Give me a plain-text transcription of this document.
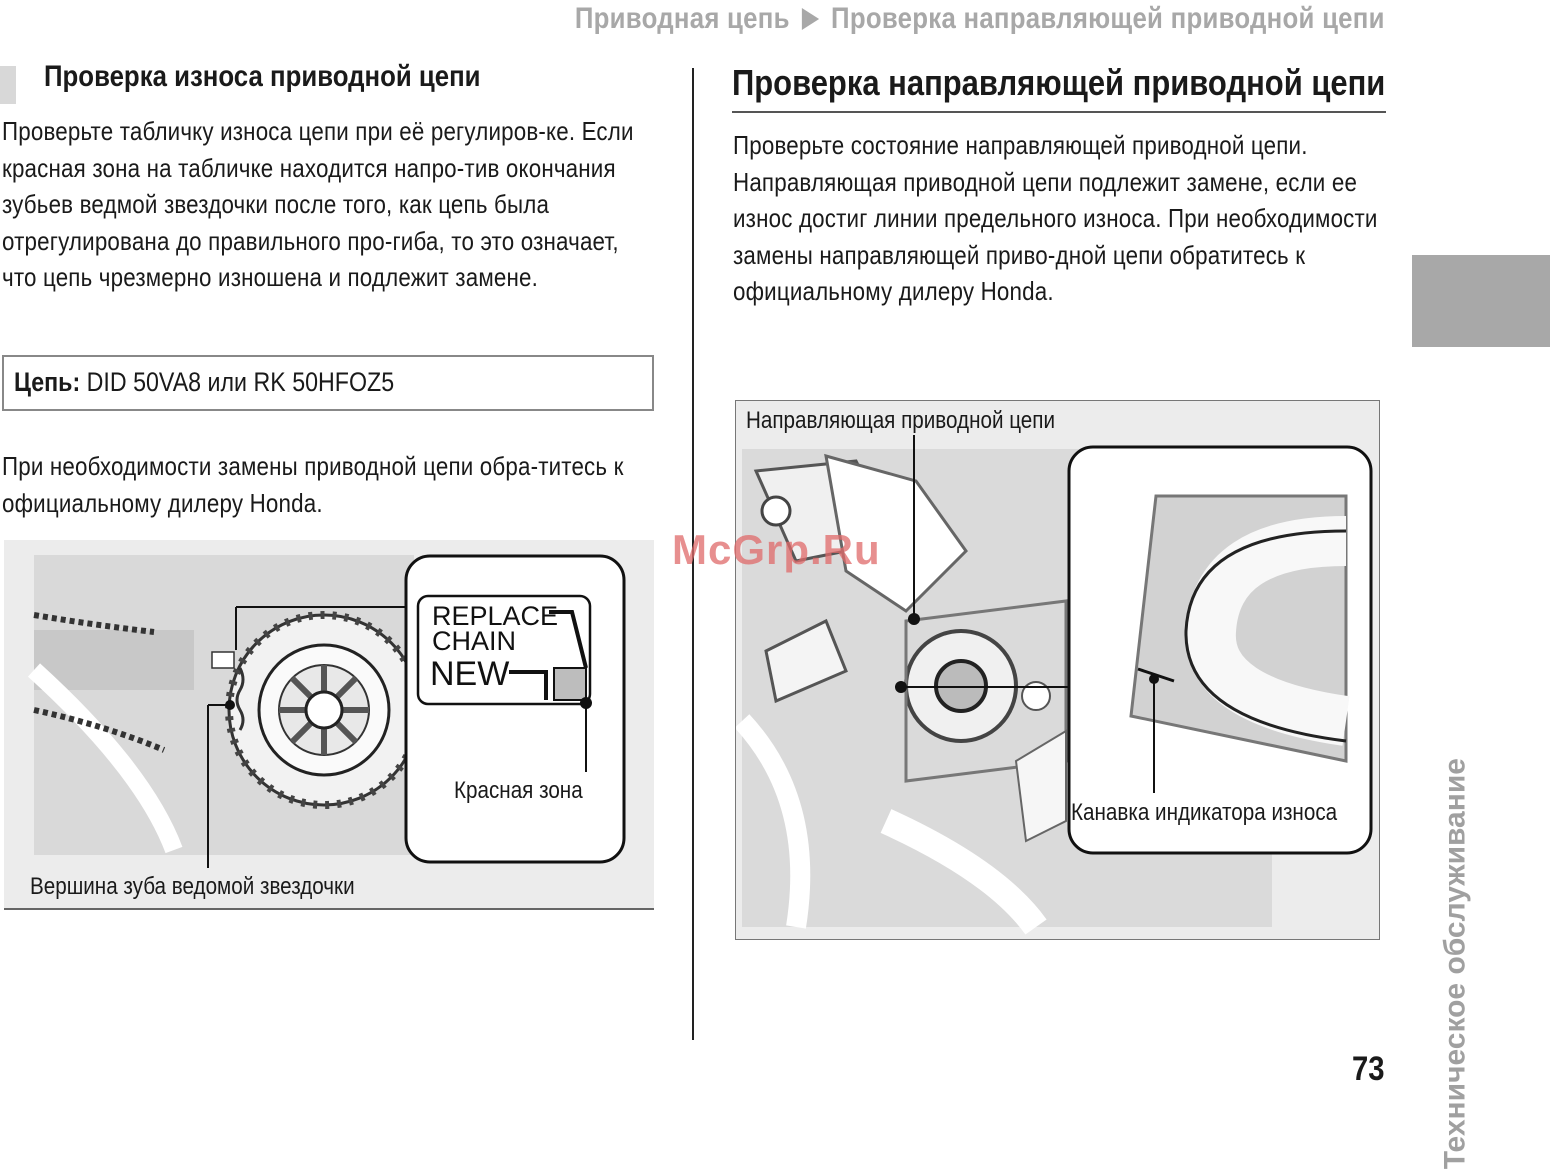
Приводная цепь Проверка направляющей приводной цепи
Проверка износа приводной цепи
Проверьте табличку износа цепи при её регулиров-ке. Если красная зона на табличке находится напро-тив окончания зубьев ведмой звездочки после того, как цепь была отрегулирована до правильного про-гиба, то это означает, что цепь чрезмерно изношена и подлежит замене.
Цепь: DID 50VA8 или RK 50HFOZ5
При необходимости замены приводной цепи обра-титесь к официальному дилеру Honda.
REPLACE
CHAIN
NEW
Красная зона
Вершина зуба ведомой звездочки
Проверка направляющей приводной цепи
Проверьте состояние направляющей приводной цепи. Направляющая приводной цепи подлежит замене, если ее износ достиг линии предельного износа. При необходимости замены направляющей приво-дной цепи обратитесь к официальному дилеру Honda.
Направляющая приводной цепи
Канавка индикатора износа	Техническое обслуживание
McGrp.Ru
73
